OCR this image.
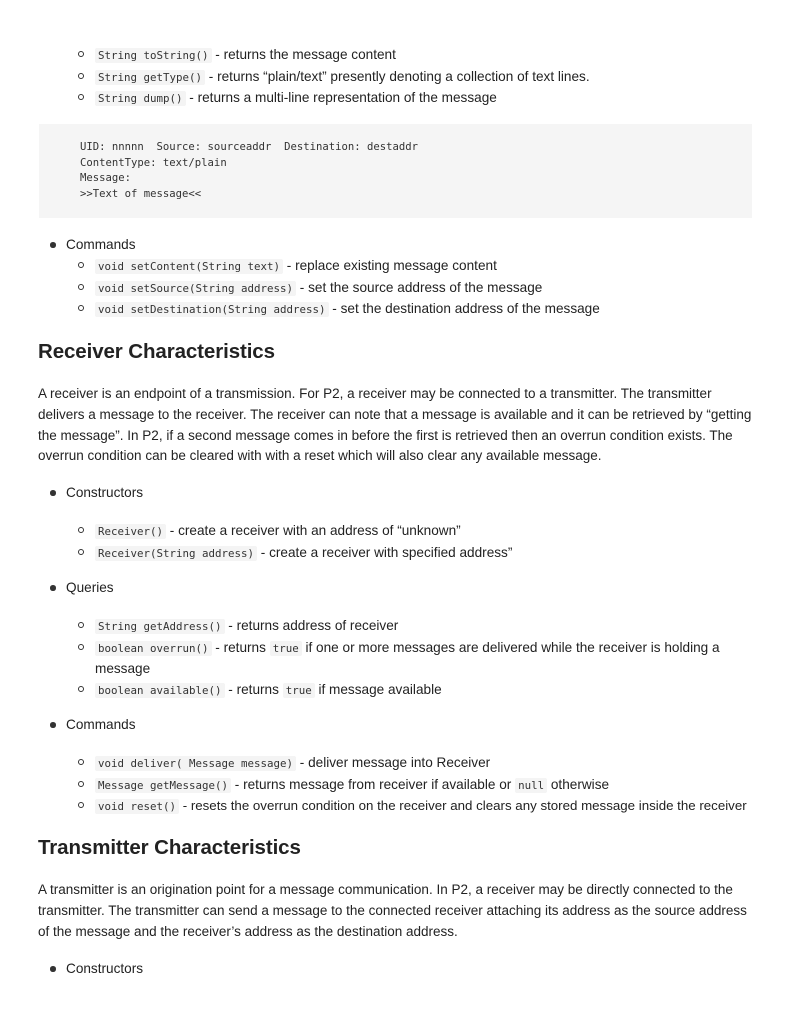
String toString() - returns the message content
String getType() - returns “plain/text” presently denoting a collection of text lines.
String dump() - returns a multi-line representation of the message
UID: nnnnn  Source: sourceaddr  Destination: destaddr
ContentType: text/plain
Message:
>>Text of message<<
Commands
void setContent(String text) - replace existing message content
void setSource(String address) - set the source address of the message
void setDestination(String address) - set the destination address of the message
Receiver Characteristics

A receiver is an endpoint of a transmission. For P2, a receiver may be connected to a transmitter. The transmitter delivers a message to the receiver. The receiver can note that a message is available and it can be retrieved by “getting the message”. In P2, if a second message comes in before the first is retrieved then an overrun condition exists. The overrun condition can be cleared with with a reset which will also clear any available message.

Constructors
Receiver() - create a receiver with an address of “unknown”
Receiver(String address) - create a receiver with specified address”
Queries
String getAddress() - returns address of receiver
boolean overrun() - returns true if one or more messages are delivered while the receiver is holding a message
boolean available() - returns true if message available
Commands
void deliver( Message message) - deliver message into Receiver
Message getMessage() - returns message from receiver if available or null otherwise
void reset() - resets the overrun condition on the receiver and clears any stored message inside the receiver
Transmitter Characteristics

A transmitter is an origination point for a message communication. In P2, a receiver may be directly connected to the transmitter. The transmitter can send a message to the connected receiver attaching its address as the source address of the message and the receiver’s address as the destination address.

Constructors
